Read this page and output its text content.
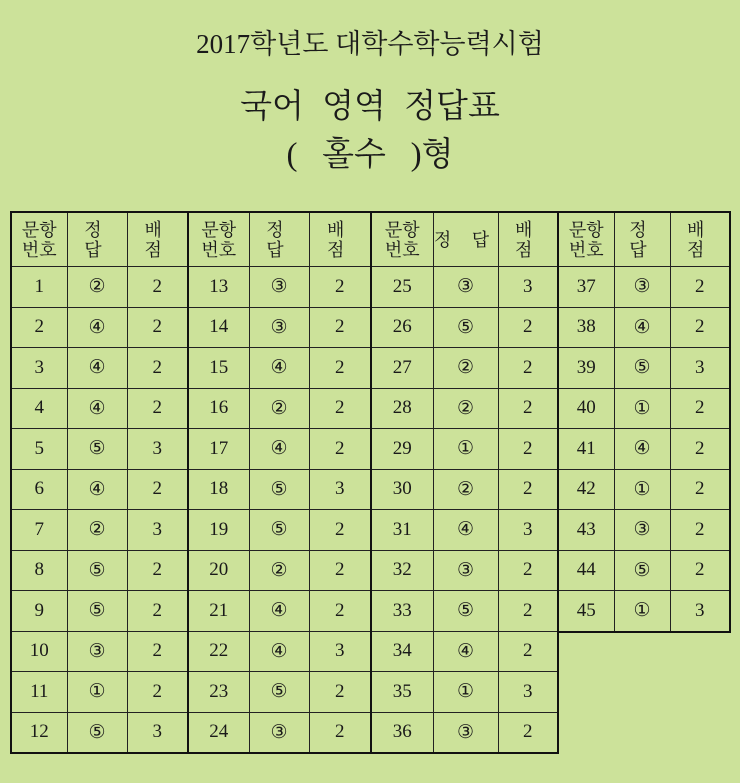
2017학년도 대학수학능력시험
국어 영역 정답표
(   홀수   )형
문항
번호	정 답	배 점
1	②	2
2	④	2
3	④	2
4	④	2
5	⑤	3
6	④	2
7	②	3
8	⑤	2
9	⑤	2
10	③	2
11	①	2
12	⑤	3
문항
번호	정 답	배 점
13	③	2
14	③	2
15	④	2
16	②	2
17	④	2
18	⑤	3
19	⑤	2
20	②	2
21	④	2
22	④	3
23	⑤	2
24	③	2
문항
번호	정 답	배 점
25	③	3
26	⑤	2
27	②	2
28	②	2
29	①	2
30	②	2
31	④	3
32	③	2
33	⑤	2
34	④	2
35	①	3
36	③	2
문항
번호	정 답	배 점
37	③	2
38	④	2
39	⑤	3
40	①	2
41	④	2
42	①	2
43	③	2
44	⑤	2
45	①	3
